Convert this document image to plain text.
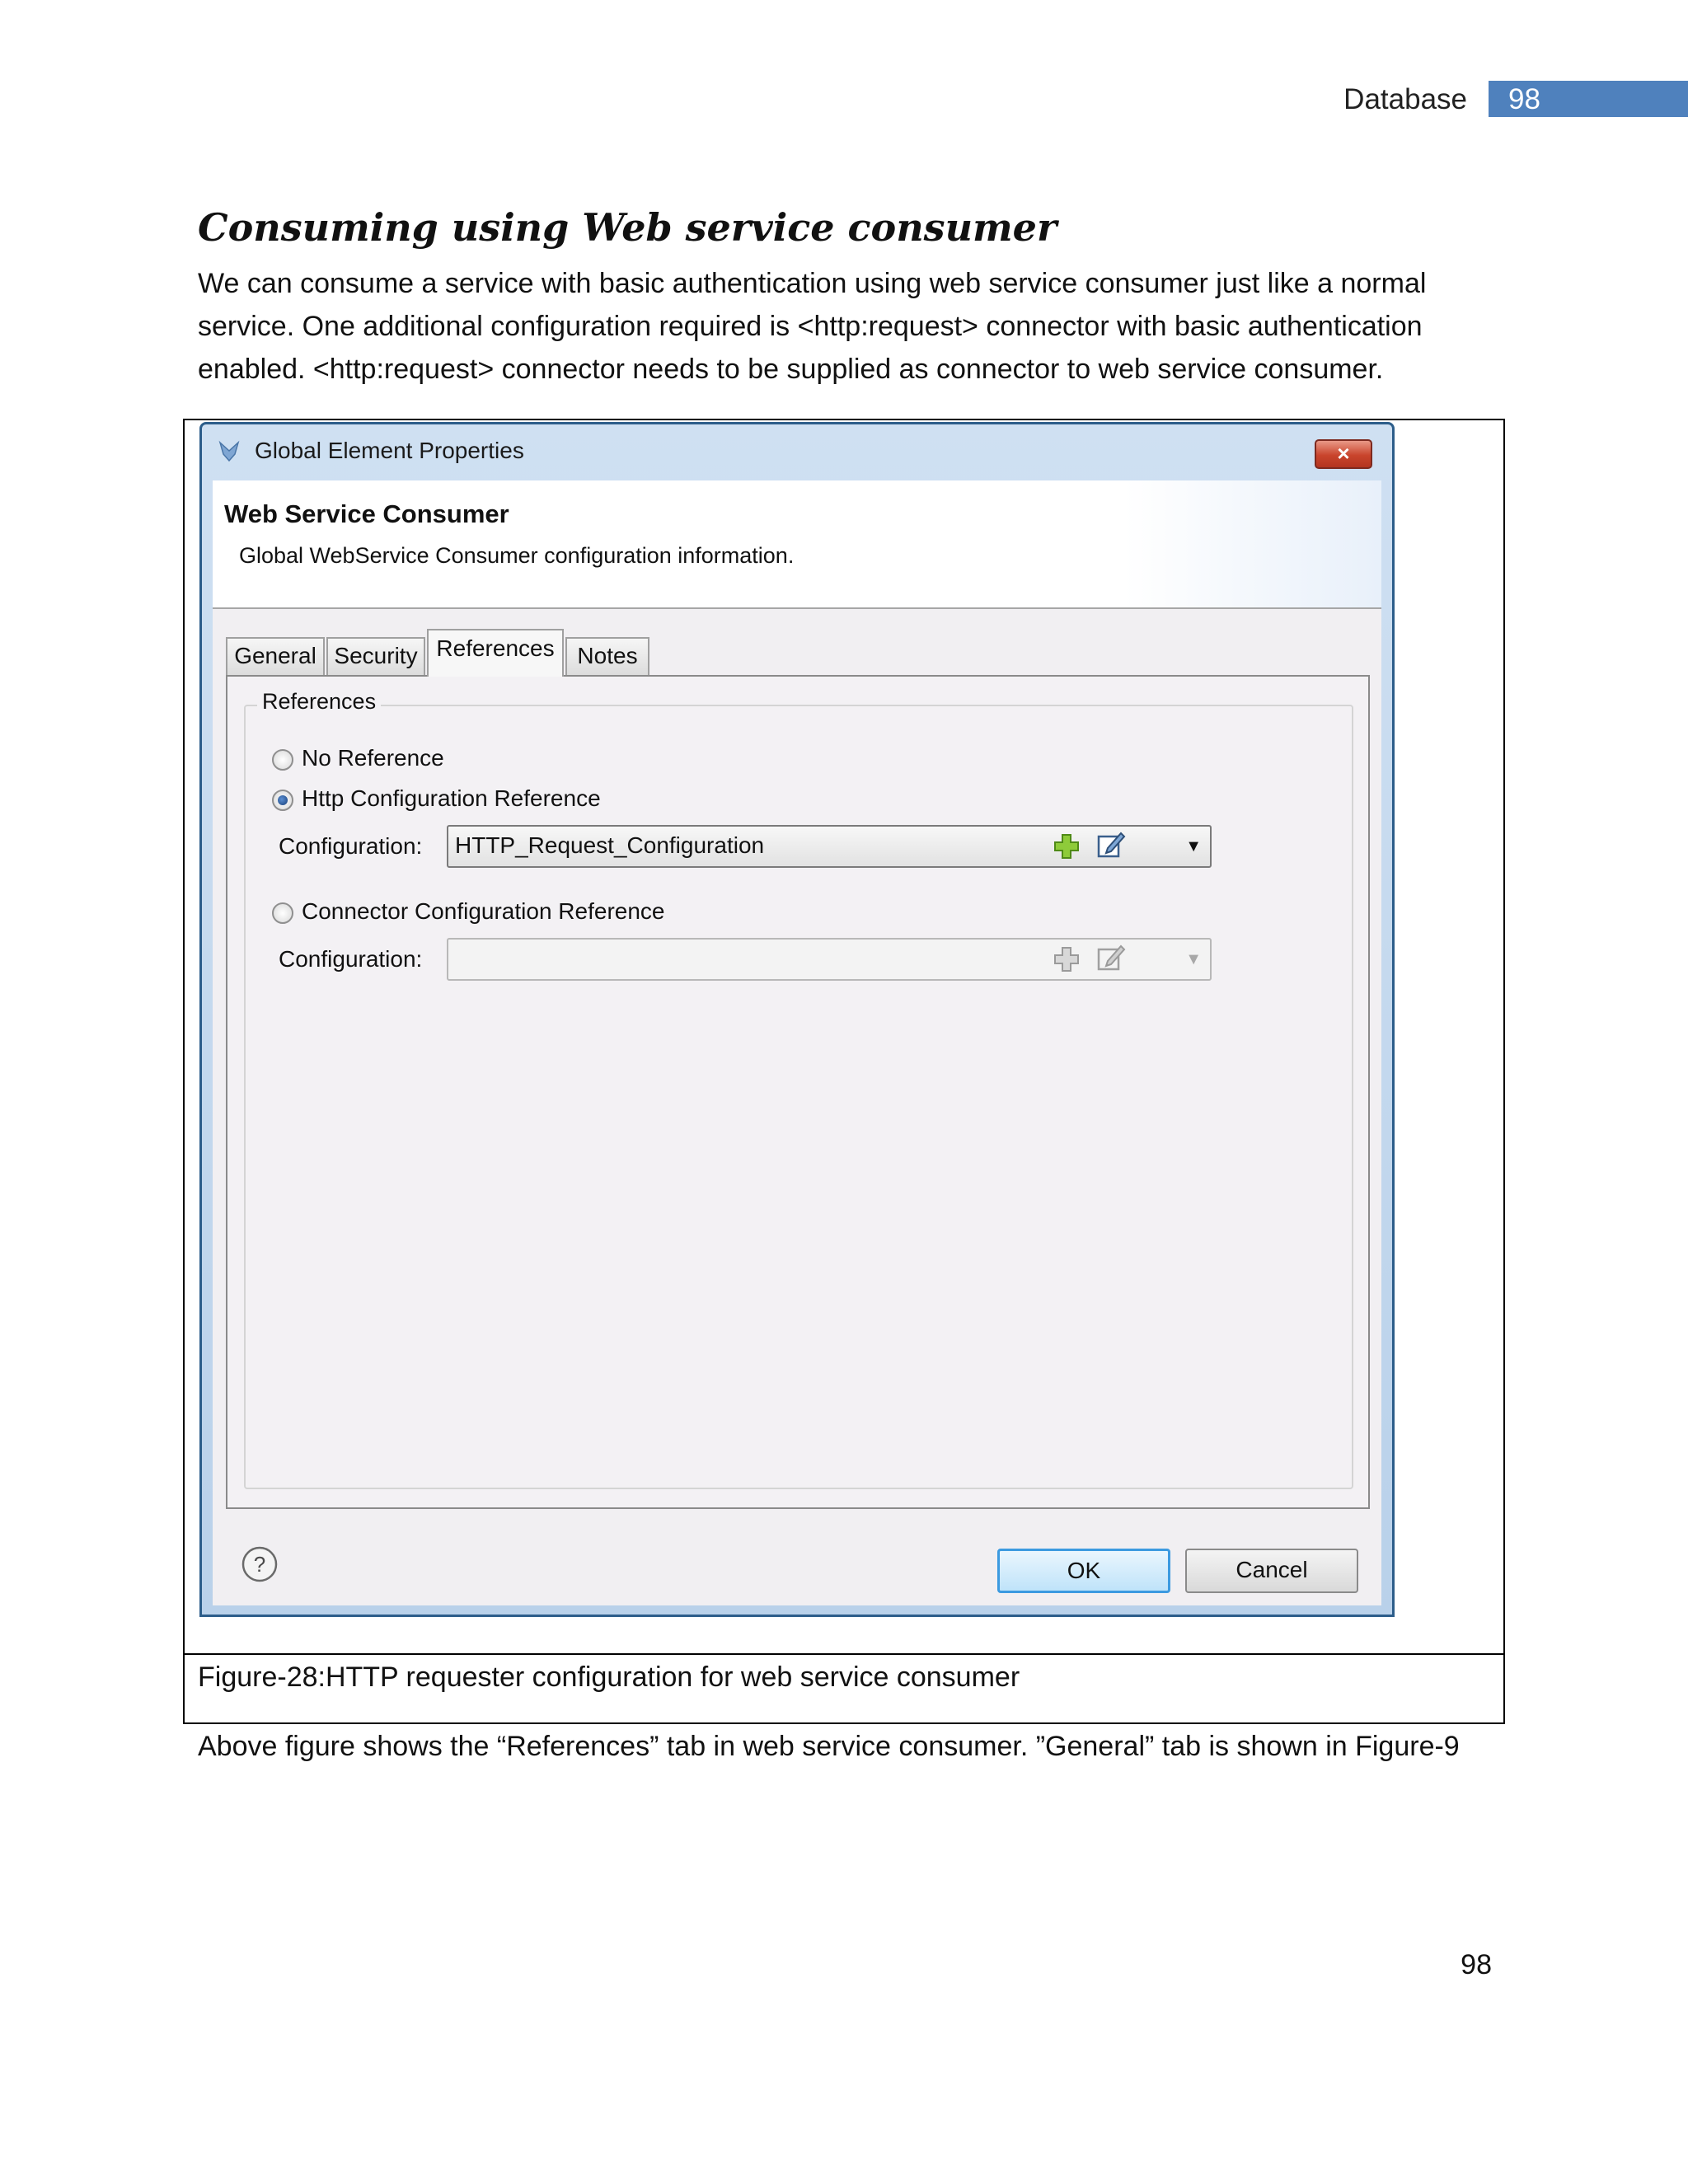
Database 98
Consuming using Web service consumer
We can consume a service with basic authentication using web service consumer just like a normal
service. One additional configuration required is <http:request> connector with basic authentication
enabled. <http:request> connector needs to be supplied as connector to web service consumer.
Global Element Properties	×
Web Service Consumer
Global WebService Consumer configuration information.
General Security	Notes
References
No Reference
Http Configuration Reference
Configuration:	HTTP_Request_Configuration	▼
Connector Configuration Reference
Configuration:	▼
References
?	OK	Cancel
Figure-28:HTTP requester configuration for web service consumer
Above figure shows the “References” tab in web service consumer. ”General” tab is shown in Figure-9
98
